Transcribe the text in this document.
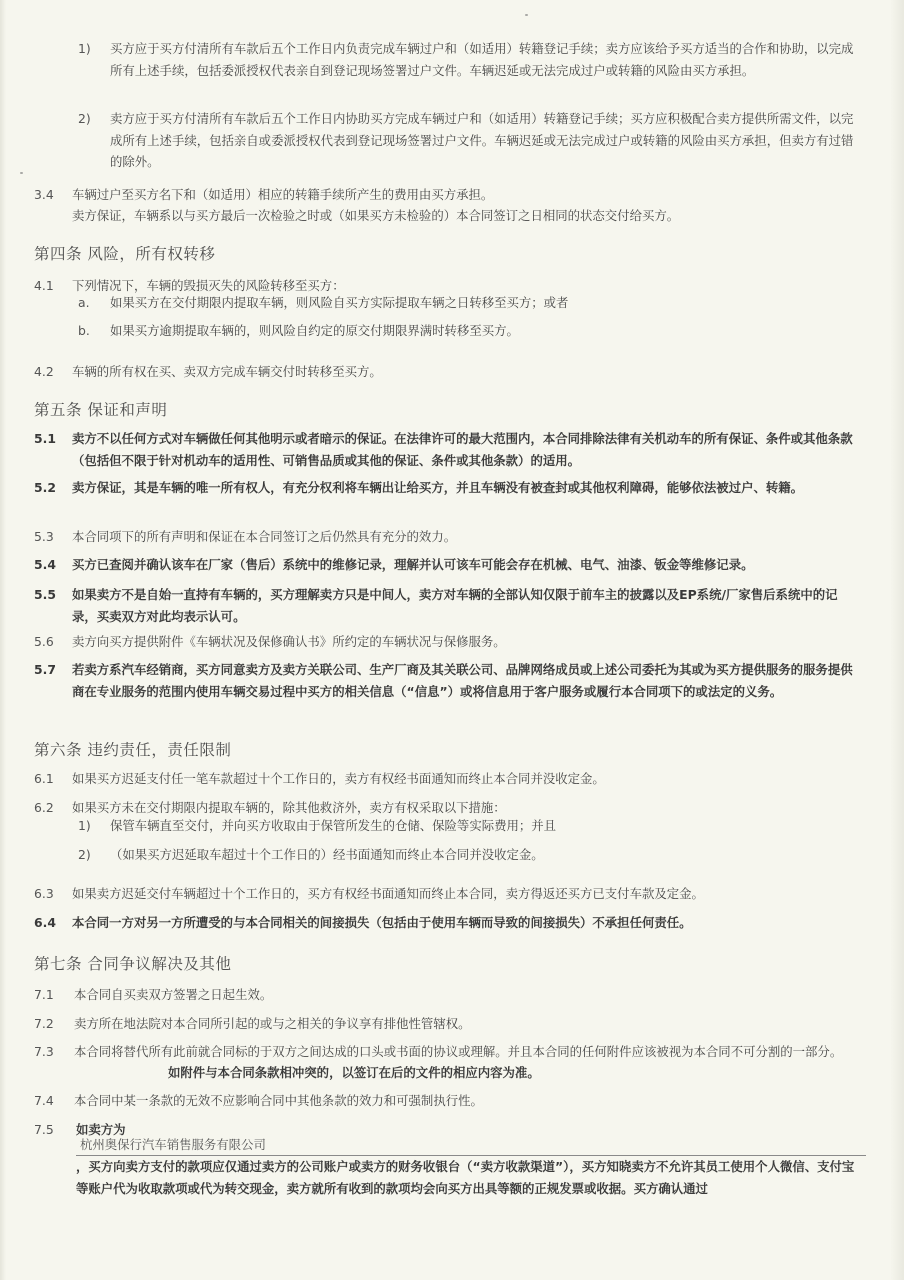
1) 买方应于买方付清所有车款后五个工作日内负责完成车辆过户和（如适用）转籍登记手续；卖方应该给予买方适当的合作和协助，以完成所有上述手续，包括委派授权代表亲自到登记现场签署过户文件。车辆迟延或无法完成过户或转籍的风险由买方承担。
2) 卖方应于买方付清所有车款后五个工作日内协助买方完成车辆过户和（如适用）转籍登记手续；买方应积极配合卖方提供所需文件，以完成所有上述手续，包括亲自或委派授权代表到登记现场签署过户文件。车辆迟延或无法完成过户或转籍的风险由买方承担，但卖方有过错的除外。
3.4 车辆过户至买方名下和（如适用）相应的转籍手续所产生的费用由买方承担。
卖方保证，车辆系以与买方最后一次检验之时或（如果买方未检验的）本合同签订之日相同的状态交付给买方。
第四条 风险，所有权转移
4.1 下列情况下，车辆的毁损灭失的风险转移至买方：
a. 如果买方在交付期限内提取车辆，则风险自买方实际提取车辆之日转移至买方；或者
b. 如果买方逾期提取车辆的，则风险自约定的原交付期限界满时转移至买方。
4.2 车辆的所有权在买、卖双方完成车辆交付时转移至买方。
第五条 保证和声明
5.1 卖方不以任何方式对车辆做任何其他明示或者暗示的保证。在法律许可的最大范围内，本合同排除法律有关机动车的所有保证、条件或其他条款（包括但不限于针对机动车的适用性、可销售品质或其他的保证、条件或其他条款）的适用。
5.2 卖方保证，其是车辆的唯一所有权人，有充分权利将车辆出让给买方，并且车辆没有被查封或其他权利障碍，能够依法被过户、转籍。
5.3 本合同项下的所有声明和保证在本合同签订之后仍然具有充分的效力。
5.4 买方已查阅并确认该车在厂家（售后）系统中的维修记录，理解并认可该车可能会存在机械、电气、油漆、钣金等维修记录。
5.5 如果卖方不是自始一直持有车辆的，买方理解卖方只是中间人，卖方对车辆的全部认知仅限于前车主的披露以及EP系统/厂家售后系统中的记录，买卖双方对此均表示认可。
5.6 卖方向买方提供附件《车辆状况及保修确认书》所约定的车辆状况与保修服务。
5.7 若卖方系汽车经销商，买方同意卖方及卖方关联公司、生产厂商及其关联公司、品牌网络成员或上述公司委托为其或为买方提供服务的服务提供商在专业服务的范围内使用车辆交易过程中买方的相关信息（“信息”）或将信息用于客户服务或履行本合同项下的或法定的义务。
第六条 违约责任，责任限制
6.1 如果买方迟延支付任一笔车款超过十个工作日的，卖方有权经书面通知而终止本合同并没收定金。
6.2 如果买方未在交付期限内提取车辆的，除其他救济外，卖方有权采取以下措施：
1) 保管车辆直至交付，并向买方收取由于保管所发生的仓储、保险等实际费用；并且
2) （如果买方迟延取车超过十个工作日的）经书面通知而终止本合同并没收定金。
6.3 如果卖方迟延交付车辆超过十个工作日的，买方有权经书面通知而终止本合同，卖方得返还买方已支付车款及定金。
6.4 本合同一方对另一方所遭受的与本合同相关的间接损失（包括由于使用车辆而导致的间接损失）不承担任何责任。
第七条 合同争议解决及其他
7.1 本合同自买卖双方签署之日起生效。
7.2 卖方所在地法院对本合同所引起的或与之相关的争议享有排他性管辖权。
7.3 本合同将替代所有此前就合同标的于双方之间达成的口头或书面的协议或理解。并且本合同的任何附件应该被视为本合同不可分割的一部分。
如附件与本合同条款相冲突的，以签订在后的文件的相应内容为准。
7.4 本合同中某一条款的无效不应影响合同中其他条款的效力和可强制执行性。
7.5 如卖方为
杭州奥保行汽车销售服务有限公司
，买方向卖方支付的款项应仅通过卖方的公司账户或卖方的财务收银台（“卖方收款渠道”），买方知晓卖方不允许其员工使用个人微信、支付宝等账户代为收取款项或代为转交现金，卖方就所有收到的款项均会向买方出具等额的正规发票或收据。买方确认通过
